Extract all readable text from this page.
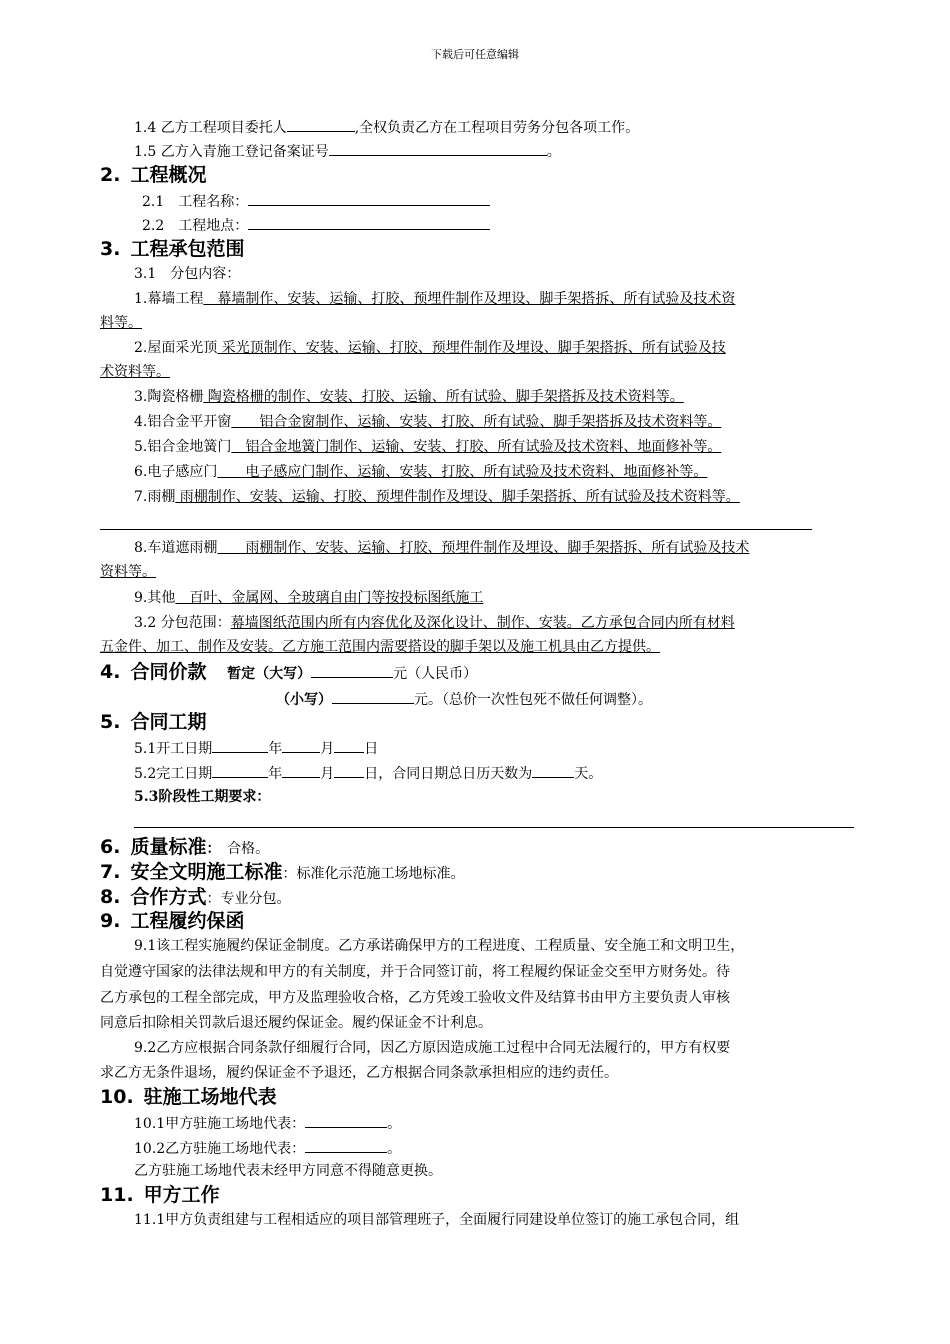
下载后可任意编辑
1.4 乙方工程项目委托人	,全权负责乙方在工程项目劳务分包各项工作。
1.5 乙方入青施工登记备案证号	。
2. 工程概况
2.1　工程名称：
2.2　工程地点：
3. 工程承包范围
3.1　分包内容：
1.幕墙工程　幕墙制作、安装、运输、打胶、预埋件制作及埋设、脚手架搭拆、所有试验及技术资
料等。
2.屋面采光顶 采光顶制作、安装、运输、打胶、预埋件制作及埋设、脚手架搭拆、所有试验及技
术资料等。
3.陶瓷格栅 陶瓷格栅的制作、安装、打胶、运输、所有试验、脚手架搭拆及技术资料等。
4.铝合金平开窗　　铝合金窗制作、运输、安装、打胶、所有试验、脚手架搭拆及技术资料等。
5.铝合金地簧门　铝合金地簧门制作、运输、安装、打胶、所有试验及技术资料、地面修补等。
6.电子感应门　　电子感应门制作、运输、安装、打胶、所有试验及技术资料、地面修补等。
7.雨棚 雨棚制作、安装、运输、打胶、预埋件制作及埋设、脚手架搭拆、所有试验及技术资料等。
8.车道遮雨棚　　雨棚制作、安装、运输、打胶、预埋件制作及埋设、脚手架搭拆、所有试验及技术
资料等。
9.其他　百叶、金属网、全玻璃自由门等按投标图纸施工
3.2 分包范围：幕墙图纸范围内所有内容优化及深化设计、制作、安装。乙方承包合同内所有材料
五金件、加工、制作及安装。乙方施工范围内需要搭设的脚手架以及施工机具由乙方提供。
4. 合同价款 暂定（大写）	元（人民币）
（小写）	元。（总价一次性包死不做任何调整）。
5. 合同工期
5.1开工日期	年	月 日
5.2完工日期	年	月 日，合同日期总日历天数为	天。
5.3阶段性工期要求：
6. 质量标准： 合格。
7. 安全文明施工标准：标准化示范施工场地标准。
8. 合作方式：专业分包。
9. 工程履约保函
9.1该工程实施履约保证金制度。乙方承诺确保甲方的工程进度、工程质量、安全施工和文明卫生，
自觉遵守国家的法律法规和甲方的有关制度，并于合同签订前，将工程履约保证金交至甲方财务处。待
乙方承包的工程全部完成，甲方及监理验收合格，乙方凭竣工验收文件及结算书由甲方主要负责人审核
同意后扣除相关罚款后退还履约保证金。履约保证金不计利息。
9.2乙方应根据合同条款仔细履行合同，因乙方原因造成施工过程中合同无法履行的，甲方有权要
求乙方无条件退场，履约保证金不予退还，乙方根据合同条款承担相应的违约责任。
10. 驻施工场地代表
10.1甲方驻施工场地代表：	。
10.2乙方驻施工场地代表：	。
乙方驻施工场地代表未经甲方同意不得随意更换。
11. 甲方工作
11.1甲方负责组建与工程相适应的项目部管理班子，全面履行同建设单位签订的施工承包合同，组
